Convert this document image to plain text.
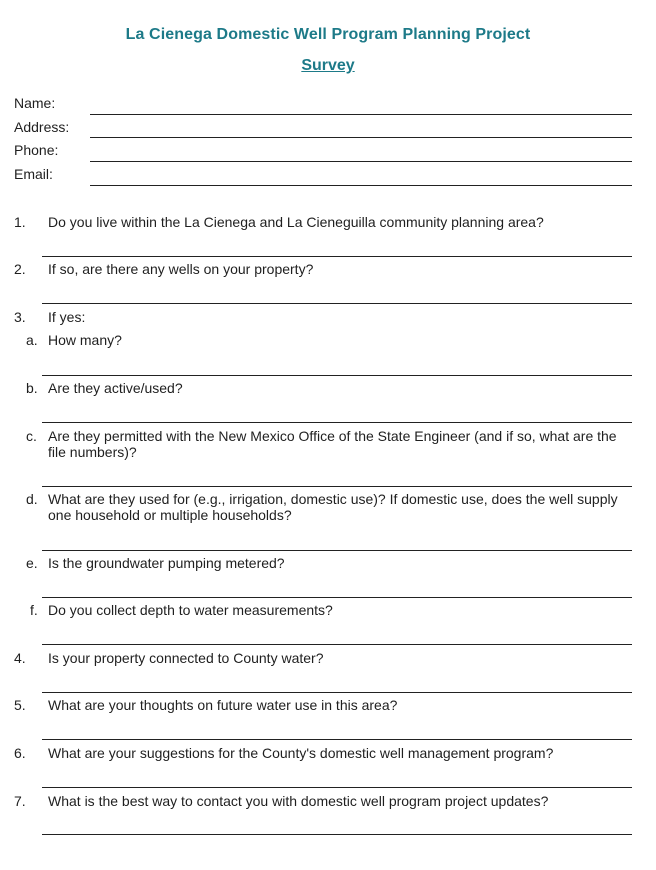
La Cienega Domestic Well Program Planning Project
Survey
Name:
Address:
Phone:
Email:
1. Do you live within the La Cienega and La Cieneguilla community planning area?
2. If so, are there any wells on your property?
3. If yes:
a. How many?
b. Are they active/used?
c. Are they permitted with the New Mexico Office of the State Engineer (and if so, what are the file numbers)?
d. What are they used for (e.g., irrigation, domestic use)? If domestic use, does the well supply one household or multiple households?
e. Is the groundwater pumping metered?
f. Do you collect depth to water measurements?
4. Is your property connected to County water?
5. What are your thoughts on future water use in this area?
6. What are your suggestions for the County's domestic well management program?
7. What is the best way to contact you with domestic well program project updates?
